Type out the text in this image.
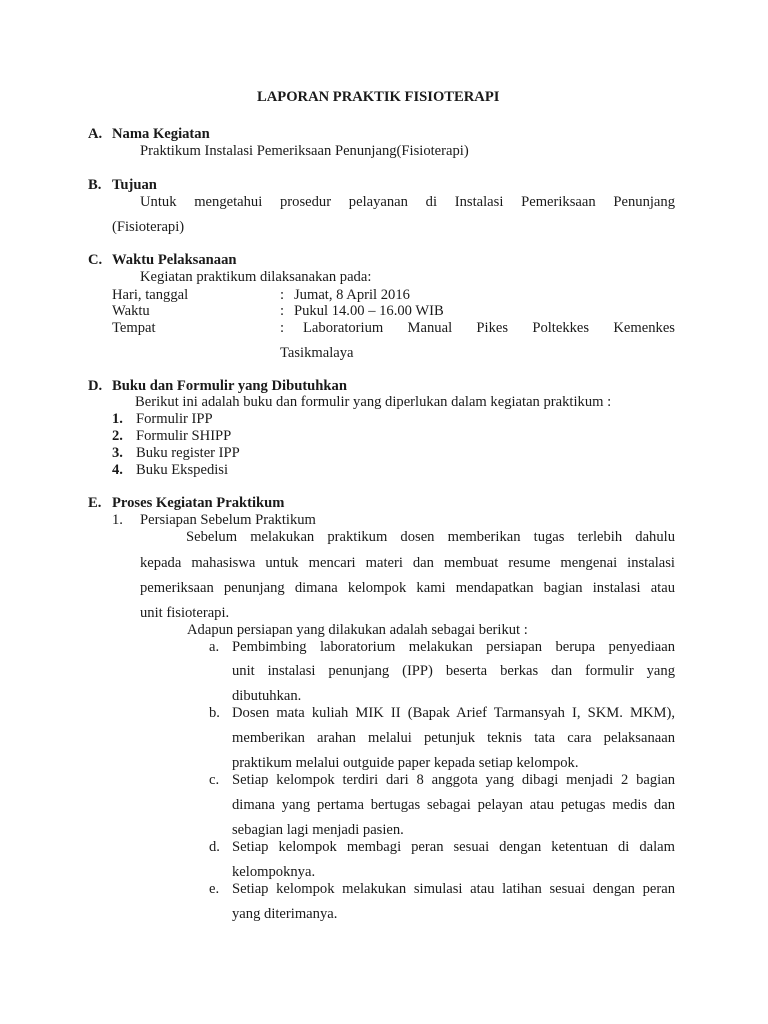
LAPORAN PRAKTIK FISIOTERAPI
A. Nama Kegiatan
Praktikum Instalasi Pemeriksaan Penunjang(Fisioterapi)
B. Tujuan
Untuk mengetahui prosedur pelayanan di Instalasi Pemeriksaan Penunjang
(Fisioterapi)
C. Waktu Pelaksanaan
Kegiatan praktikum dilaksanakan pada:
Hari, tanggal	: Jumat, 8 April 2016
Waktu	: Pukul 14.00 – 16.00 WIB
Tempat	: Laboratorium Manual Pikes Poltekkes Kemenkes
Tasikmalaya
D. Buku dan Formulir yang Dibutuhkan
Berikut ini adalah buku dan formulir yang diperlukan dalam kegiatan praktikum :
1. Formulir IPP
2. Formulir SHIPP
3. Buku register IPP
4. Buku Ekspedisi
E. Proses Kegiatan Praktikum
1. Persiapan Sebelum Praktikum
Sebelum melakukan praktikum dosen memberikan tugas terlebih dahulu
kepada mahasiswa untuk mencari materi dan membuat resume mengenai instalasi
pemeriksaan penunjang dimana kelompok kami mendapatkan bagian instalasi atau
unit fisioterapi.
Adapun persiapan yang dilakukan adalah sebagai berikut :
a. Pembimbing laboratorium melakukan persiapan berupa penyediaan
unit instalasi penunjang (IPP) beserta berkas dan formulir yang
dibutuhkan.
b. Dosen mata kuliah MIK II (Bapak Arief Tarmansyah I, SKM. MKM),
memberikan arahan melalui petunjuk teknis tata cara pelaksanaan
praktikum melalui outguide paper kepada setiap kelompok.
c. Setiap kelompok terdiri dari 8 anggota yang dibagi menjadi 2 bagian
dimana yang pertama bertugas sebagai pelayan atau petugas medis dan
sebagian lagi menjadi pasien.
d. Setiap kelompok membagi peran sesuai dengan ketentuan di dalam
kelompoknya.
e. Setiap kelompok melakukan simulasi atau latihan sesuai dengan peran
yang diterimanya.
